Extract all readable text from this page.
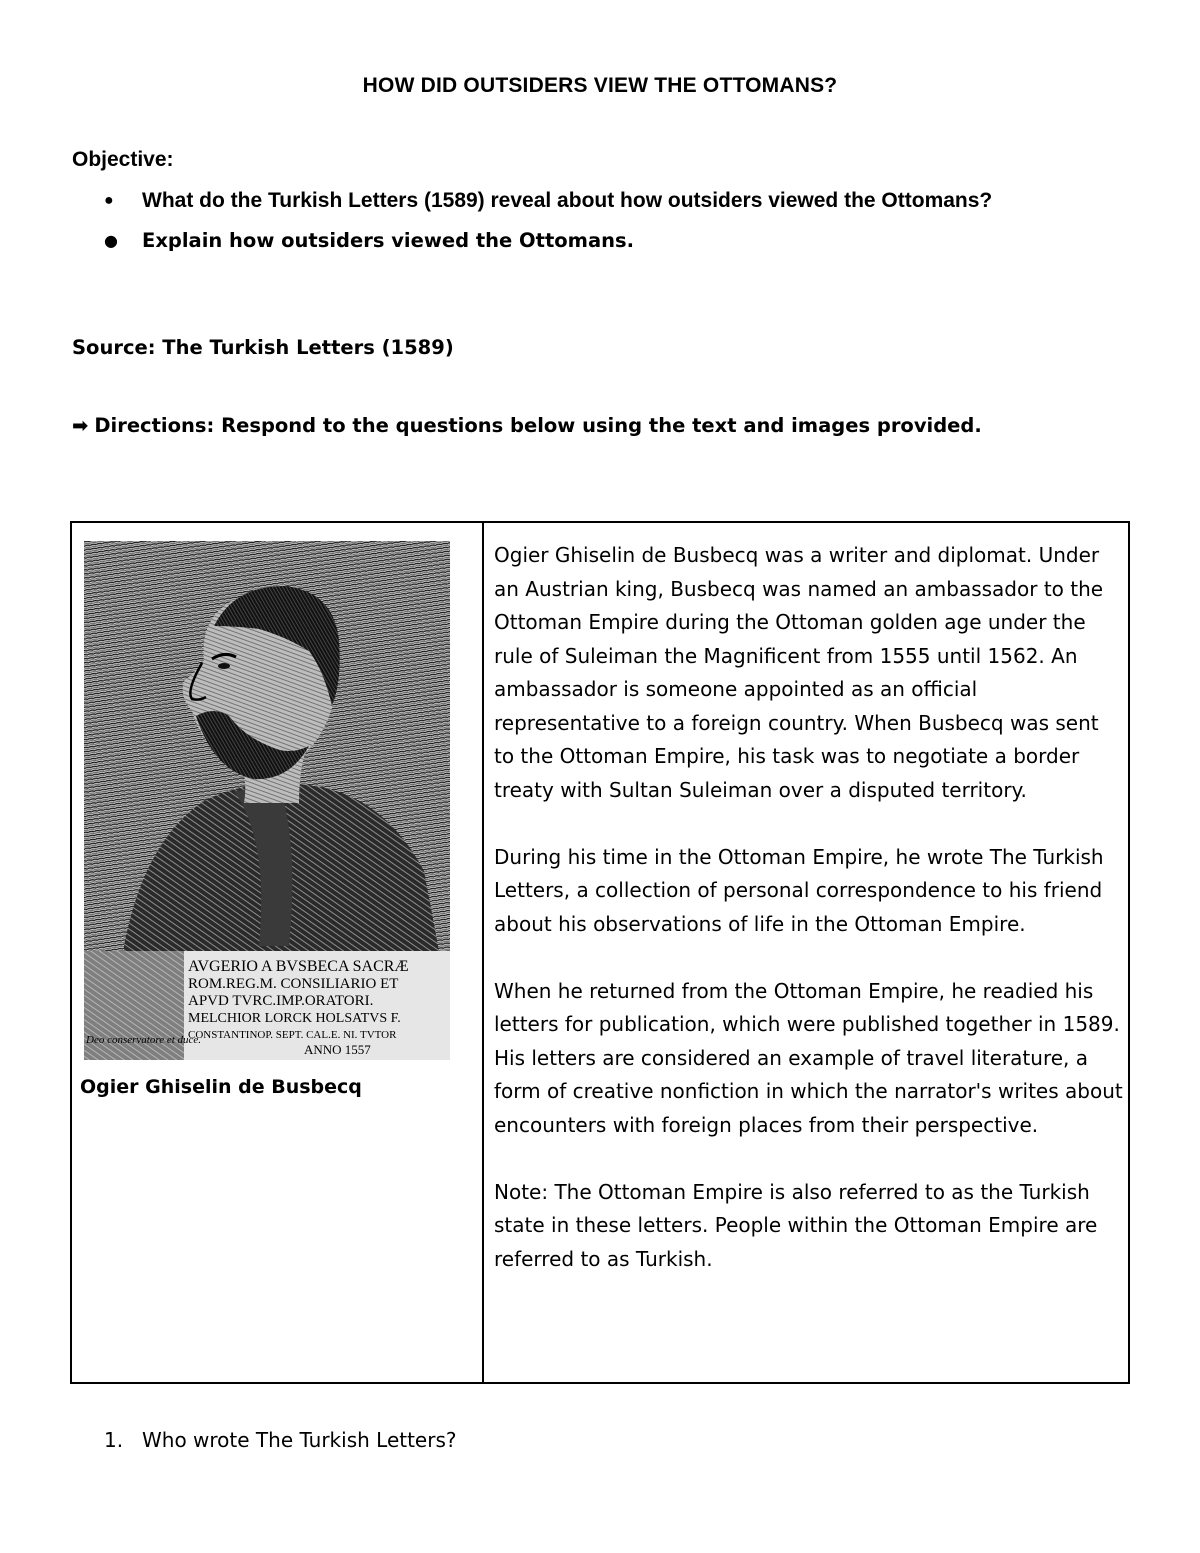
HOW DID OUTSIDERS VIEW THE OTTOMANS?
Objective:
● What do the Turkish Letters (1589) reveal about how outsiders viewed the Ottomans?
● Explain how outsiders viewed the Ottomans.
Source: The Turkish Letters (1589)
➡ Directions: Respond to the questions below using the text and images provided.
AVGERIO A BVSBECA SACRÆ
ROM.REG.M. CONSILIARIO ET
APVD TVRC.IMP.ORATORI.
MELCHIOR LORCK HOLSATVS F.
CONSTANTINOP. SEPT. CAL.E. NI. TVTOR
ANNO 1557
Deo conservatore et duce.
Ogier Ghiselin de Busbecq

Ogier Ghiselin de Busbecq was a writer and diplomat. Under an Austrian king, Busbecq was named an ambassador to the Ottoman Empire during the Ottoman golden age under the rule of Suleiman the Magnificent from 1555 until 1562. An ambassador is someone appointed as an official representative to a foreign country. When Busbecq was sent to the Ottoman Empire, his task was to negotiate a border treaty with Sultan Suleiman over a disputed territory.

During his time in the Ottoman Empire, he wrote The Turkish Letters, a collection of personal correspondence to his friend about his observations of life in the Ottoman Empire.

When he returned from the Ottoman Empire, he readied his letters for publication, which were published together in 1589. His letters are considered an example of travel literature, a form of creative nonfiction in which the narrator's writes about encounters with foreign places from their perspective.

Note: The Ottoman Empire is also referred to as the Turkish state in these letters. People within the Ottoman Empire are referred to as Turkish.

1. Who wrote The Turkish Letters?
